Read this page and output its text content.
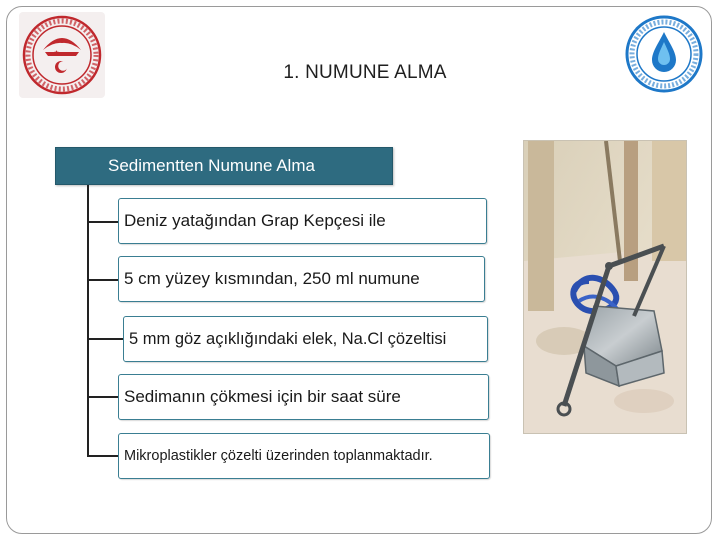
1. NUMUNE ALMA
Sedimentten Numune Alma
Deniz yatağından Grap Kepçesi ile
5 cm yüzey kısmından, 250 ml numune
5 mm göz açıklığındaki elek, Na.Cl çözeltisi
Sedimanın çökmesi için bir saat süre
Mikroplastikler çözelti üzerinden toplanmaktadır.
